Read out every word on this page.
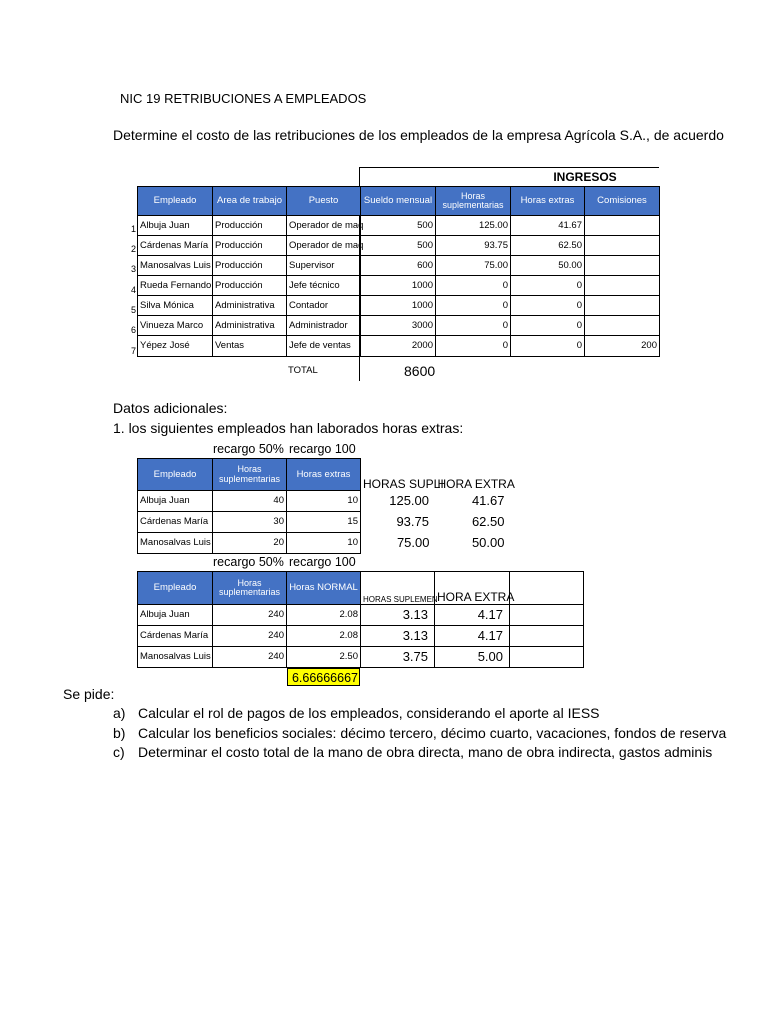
NIC 19 RETRIBUCIONES A EMPLEADOS
Determine el costo de las retribuciones de los empleados de la empresa Agrícola S.A., de acuerdo
INGRESOS
Empleado	Area de trabajo	Puesto	Sueldo mensual	Horas suplementarias	Horas extras	Comisiones
Albuja Juan	Producción	Operador de maq	500	125.00	41.67	
Cárdenas María	Producción	Operador de maq	500	93.75	62.50	
Manosalvas Luis	Producción	Supervisor	600	75.00	50.00	
Rueda Fernando	Producción	Jefe técnico	1000	0	0	
Silva Mónica	Administrativa	Contador	1000	0	0	
Vinueza Marco	Administrativa	Administrador	3000	0	0	
Yépez José	Ventas	Jefe de ventas	2000	0	0	200
1
2
3
4
5
6
7
TOTAL	8600
Datos adicionales:
1. los siguientes empleados han laborados horas extras:
recargo 50% recargo 100
Empleado	Horas suplementarias	Horas extras	HORAS SUPLI	HORA EXTRA
Albuja Juan	40	10	125.00	41.67
Cárdenas María	30	15	93.75	62.50
Manosalvas Luis	20	10	75.00	50.00
recargo 50% recargo 100
Empleado	Horas suplementarias	Horas NORMAL	HORAS SUPLEMEN	HORA EXTRA	
Albuja Juan	240	2.08	3.13	4.17	
Cárdenas María	240	2.08	3.13	4.17	
Manosalvas Luis	240	2.50	3.75	5.00	
6.66666667
Se pide:
a) Calcular el rol de pagos de los empleados, considerando el aporte al IESS
b) Calcular los beneficios sociales: décimo tercero, décimo cuarto, vacaciones, fondos de reserva
c) Determinar el costo total de la mano de obra directa, mano de obra indirecta, gastos adminis
